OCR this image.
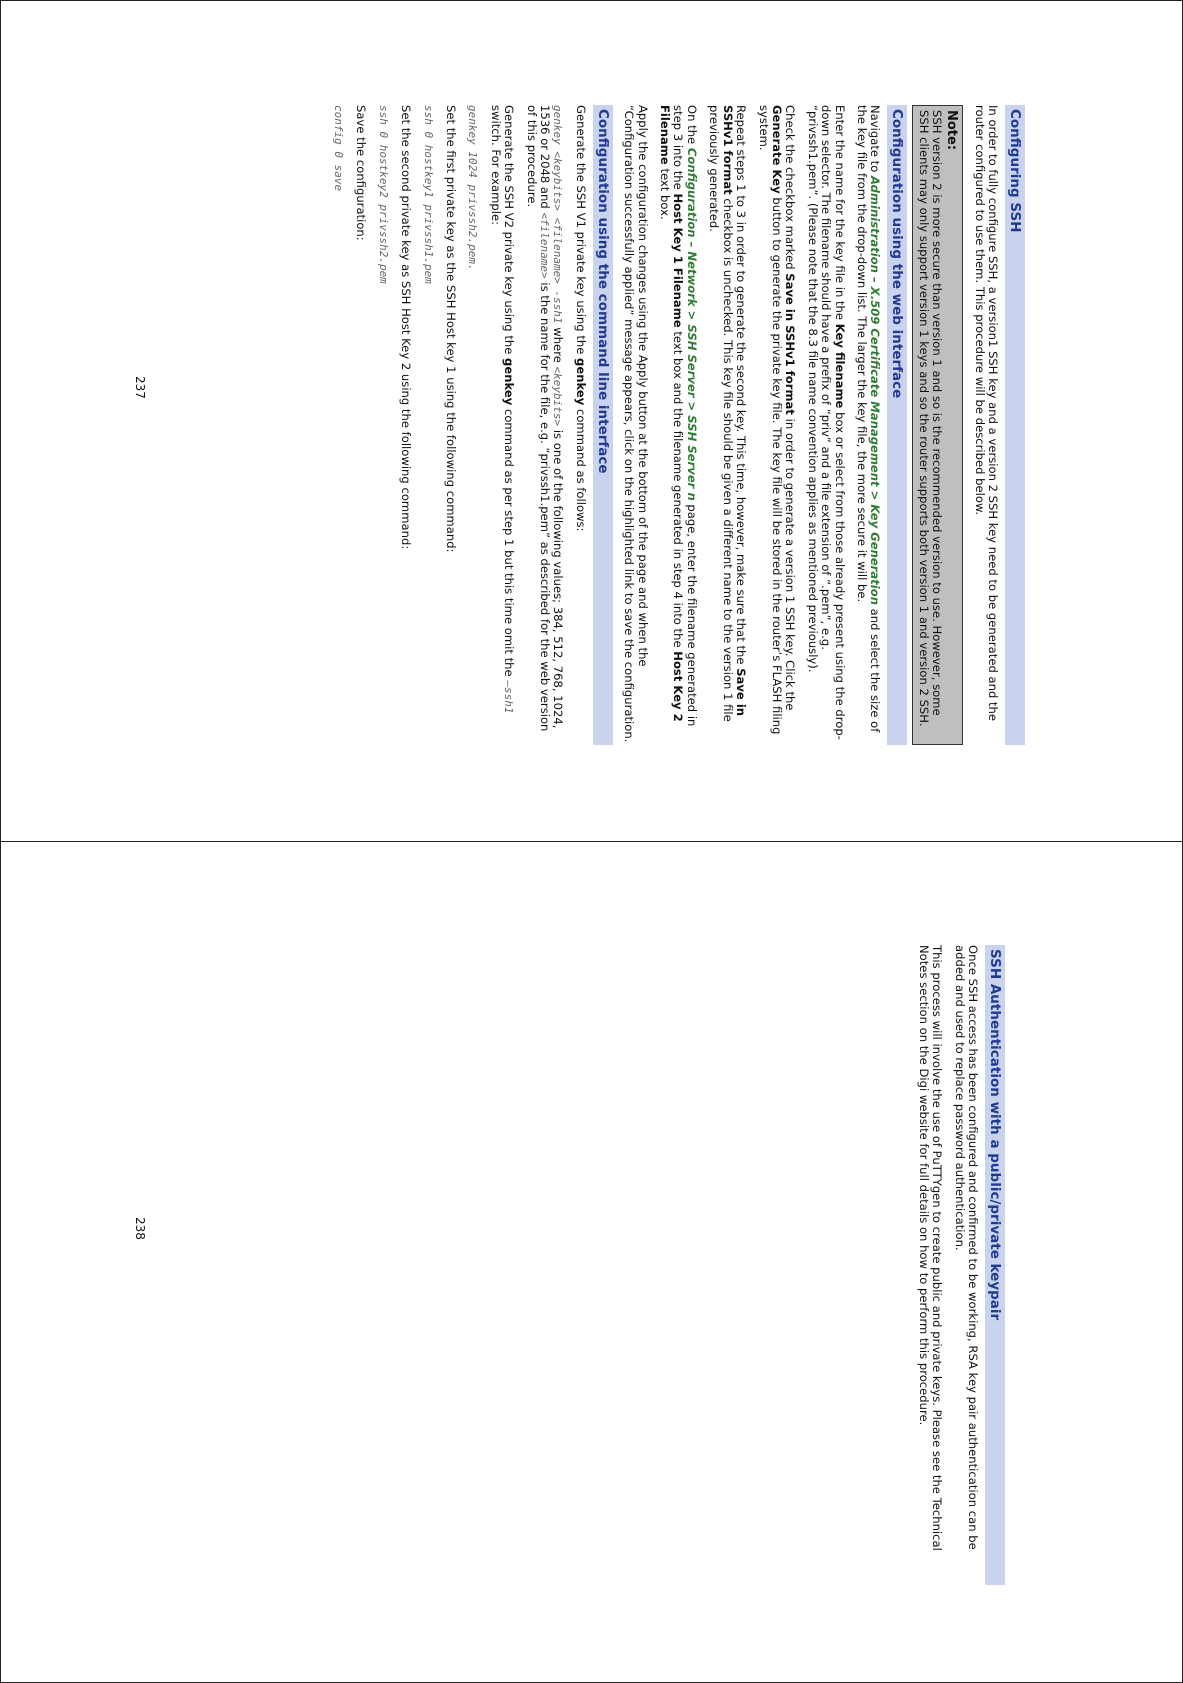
Configuring SSH

In order to fully configure SSH, a version1 SSH key and a version 2 SSH key need to be generated and the router configured to use them. This procedure will be described below.

Note:
SSH version 2 is more secure than version 1 and so is the recommended version to use. However, some SSH clients may only support version 1 keys and so the router supports both version 1 and version 2 SSH.
Configuration using the web interface

Navigate to Administration – X.509 Certificate Management > Key Generation and select the size of the key file from the drop-down list. The larger the key file, the more secure it will be.

Enter the name for the key file in the Key filename box or select from those already present using the drop-down selector. The filename should have a prefix of “priv” and a file extension of “.pem”, e.g. “privssh1.pem”. (Please note that the 8.3 file name convention applies as mentioned previously).

Check the checkbox marked Save in SSHv1 format in order to generate a version 1 SSH key. Click the Generate Key button to generate the private key file. The key file will be stored in the router’s FLASH filing system.

Repeat steps 1 to 3 in order to generate the second key. This time, however, make sure that the Save in SSHv1 format checkbox is unchecked. This key file should be given a different name to the version 1 file previously generated.

On the Configuration – Network > SSH Server > SSH Server n page, enter the filename generated in step 3 into the Host Key 1 Filename text box and the filename generated in step 4 into the Host Key 2 Filename text box.

Apply the configuration changes using the Apply button at the bottom of the page and when the “Configuration successfully applied” message appears, click on the highlighted link to save the configuration.

Configuration using the command line interface

Generate the SSH V1 private key using the genkey command as follows:

genkey <keybits> <filename> -ssh1 where <keybits> is one of the following values; 384, 512, 768, 1024, 1536 or 2048 and <filename> is the name for the file, e.g. “privssh1.pem” as described for the web version of this procedure.

Generate the SSH V2 private key using the genkey command as per step 1 but this time omit the –ssh1 switch. For example:

genkey 1024 privssh2.pem.

Set the first private key as the SSH Host key 1 using the following command:

ssh 0 hostkey1 privssh1.pem

Set the second private key as SSH Host Key 2 using the following command:

ssh 0 hostkey2 privssh2.pem

Save the configuration:

config 0 save

237
SSH Authentication with a public/private keypair

Once SSH access has been configured and confirmed to be working, RSA key pair authentication can be added and used to replace password authentication.

This process will involve the use of PuTTYgen to create public and private keys. Please see the Technical Notes section on the Digi website for full details on how to perform this procedure.

238
